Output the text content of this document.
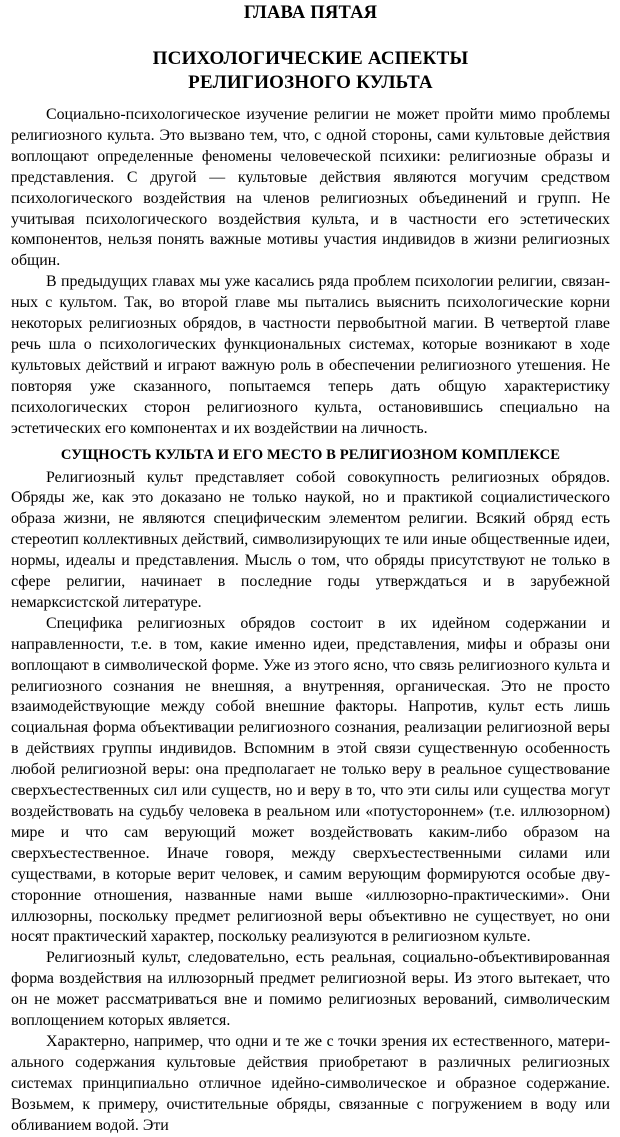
ГЛАВА ПЯТАЯ
ПСИХОЛОГИЧЕСКИЕ АСПЕКТЫ
РЕЛИГИОЗНОГО КУЛЬТА

Социально-психологическое изучение религии не может пройти мимо проблемы религиозного культа. Это вызвано тем, что, с одной стороны, сами культовые действия воплощают определенные феномены человеческой психики: религиозные образы и представления. С другой — культовые действия являются могучим средством психологического воздействия на членов религиозных объединений и групп. Не учитывая психологического воздействия культа, и в частности его эстетических компонентов, нельзя понять важные мотивы участия индивидов в жизни религиозных общин.

В предыдущих главах мы уже касались ряда проблем психологии религии, связанных с культом. Так, во второй главе мы пытались выяснить психологические корни некоторых религиозных обрядов, в частности первобытной магии. В четвертой главе речь шла о психологических функциональных системах, которые возникают в ходе культовых действий и играют важную роль в обеспечении религиозного утешения. Не повторяя уже сказанного, попытаемся теперь дать общую характеристику психологических сторон религиозного культа, остановившись специально на эстетических его компонентах и их воздействии на личность.

СУЩНОСТЬ КУЛЬТА И ЕГО МЕСТО В РЕЛИГИОЗНОМ КОМПЛЕКСЕ

Религиозный культ представляет собой совокупность религиозных обрядов. Обряды же, как это доказано не только наукой, но и практикой социалистического образа жизни, не являются специфическим элементом религии. Всякий обряд есть стереотип коллективных действий, символизирующих те или иные общественные идеи, нормы, идеалы и представления. Мысль о том, что обряды присутствуют не только в сфере религии, начинает в последние годы утверждаться и в зарубежной немарксистской литературе.

Специфика религиозных обрядов состоит в их идейном содержании и направленности, т.е. в том, какие именно идеи, представления, мифы и образы они воплощают в символической форме. Уже из этого ясно, что связь религиозного культа и религиозного сознания не внешняя, а внутренняя, органическая. Это не просто взаимодействующие между собой внешние факторы. Напротив, культ есть лишь социальная форма объективации религиозного сознания, реализации религиозной веры в действиях группы индивидов. Вспомним в этой связи существенную особенность любой религиозной веры: она предполагает не только веру в реальное существование сверхъестественных сил или существ, но и веру в то, что эти силы или существа могут воздействовать на судьбу человека в реальном или «потустороннем» (т.е. иллюзорном) мире и что сам верующий может воздействовать каким-либо образом на сверхъестественное. Иначе говоря, между сверхъестественными силами или существами, в которые верит человек, и самим верующим формируются особые двусторонние отношения, названные нами выше «иллюзорно-практическими». Они иллюзорны, поскольку предмет религиозной веры объективно не существует, но они носят практический характер, поскольку реализуются в религиозном культе.

Религиозный культ, следовательно, есть реальная, социально-объективированная форма воздействия на иллюзорный предмет религиозной веры. Из этого вытекает, что он не может рассматриваться вне и помимо религиозных верований, символическим воплощением которых является.

Характерно, например, что одни и те же с точки зрения их естественного, материального содержания культовые действия приобретают в различных религиозных системах принципиально отличное идейно-символическое и образное содержание. Возьмем, к примеру, очистительные обряды, связанные с погружением в воду или обливанием водой. Эти
